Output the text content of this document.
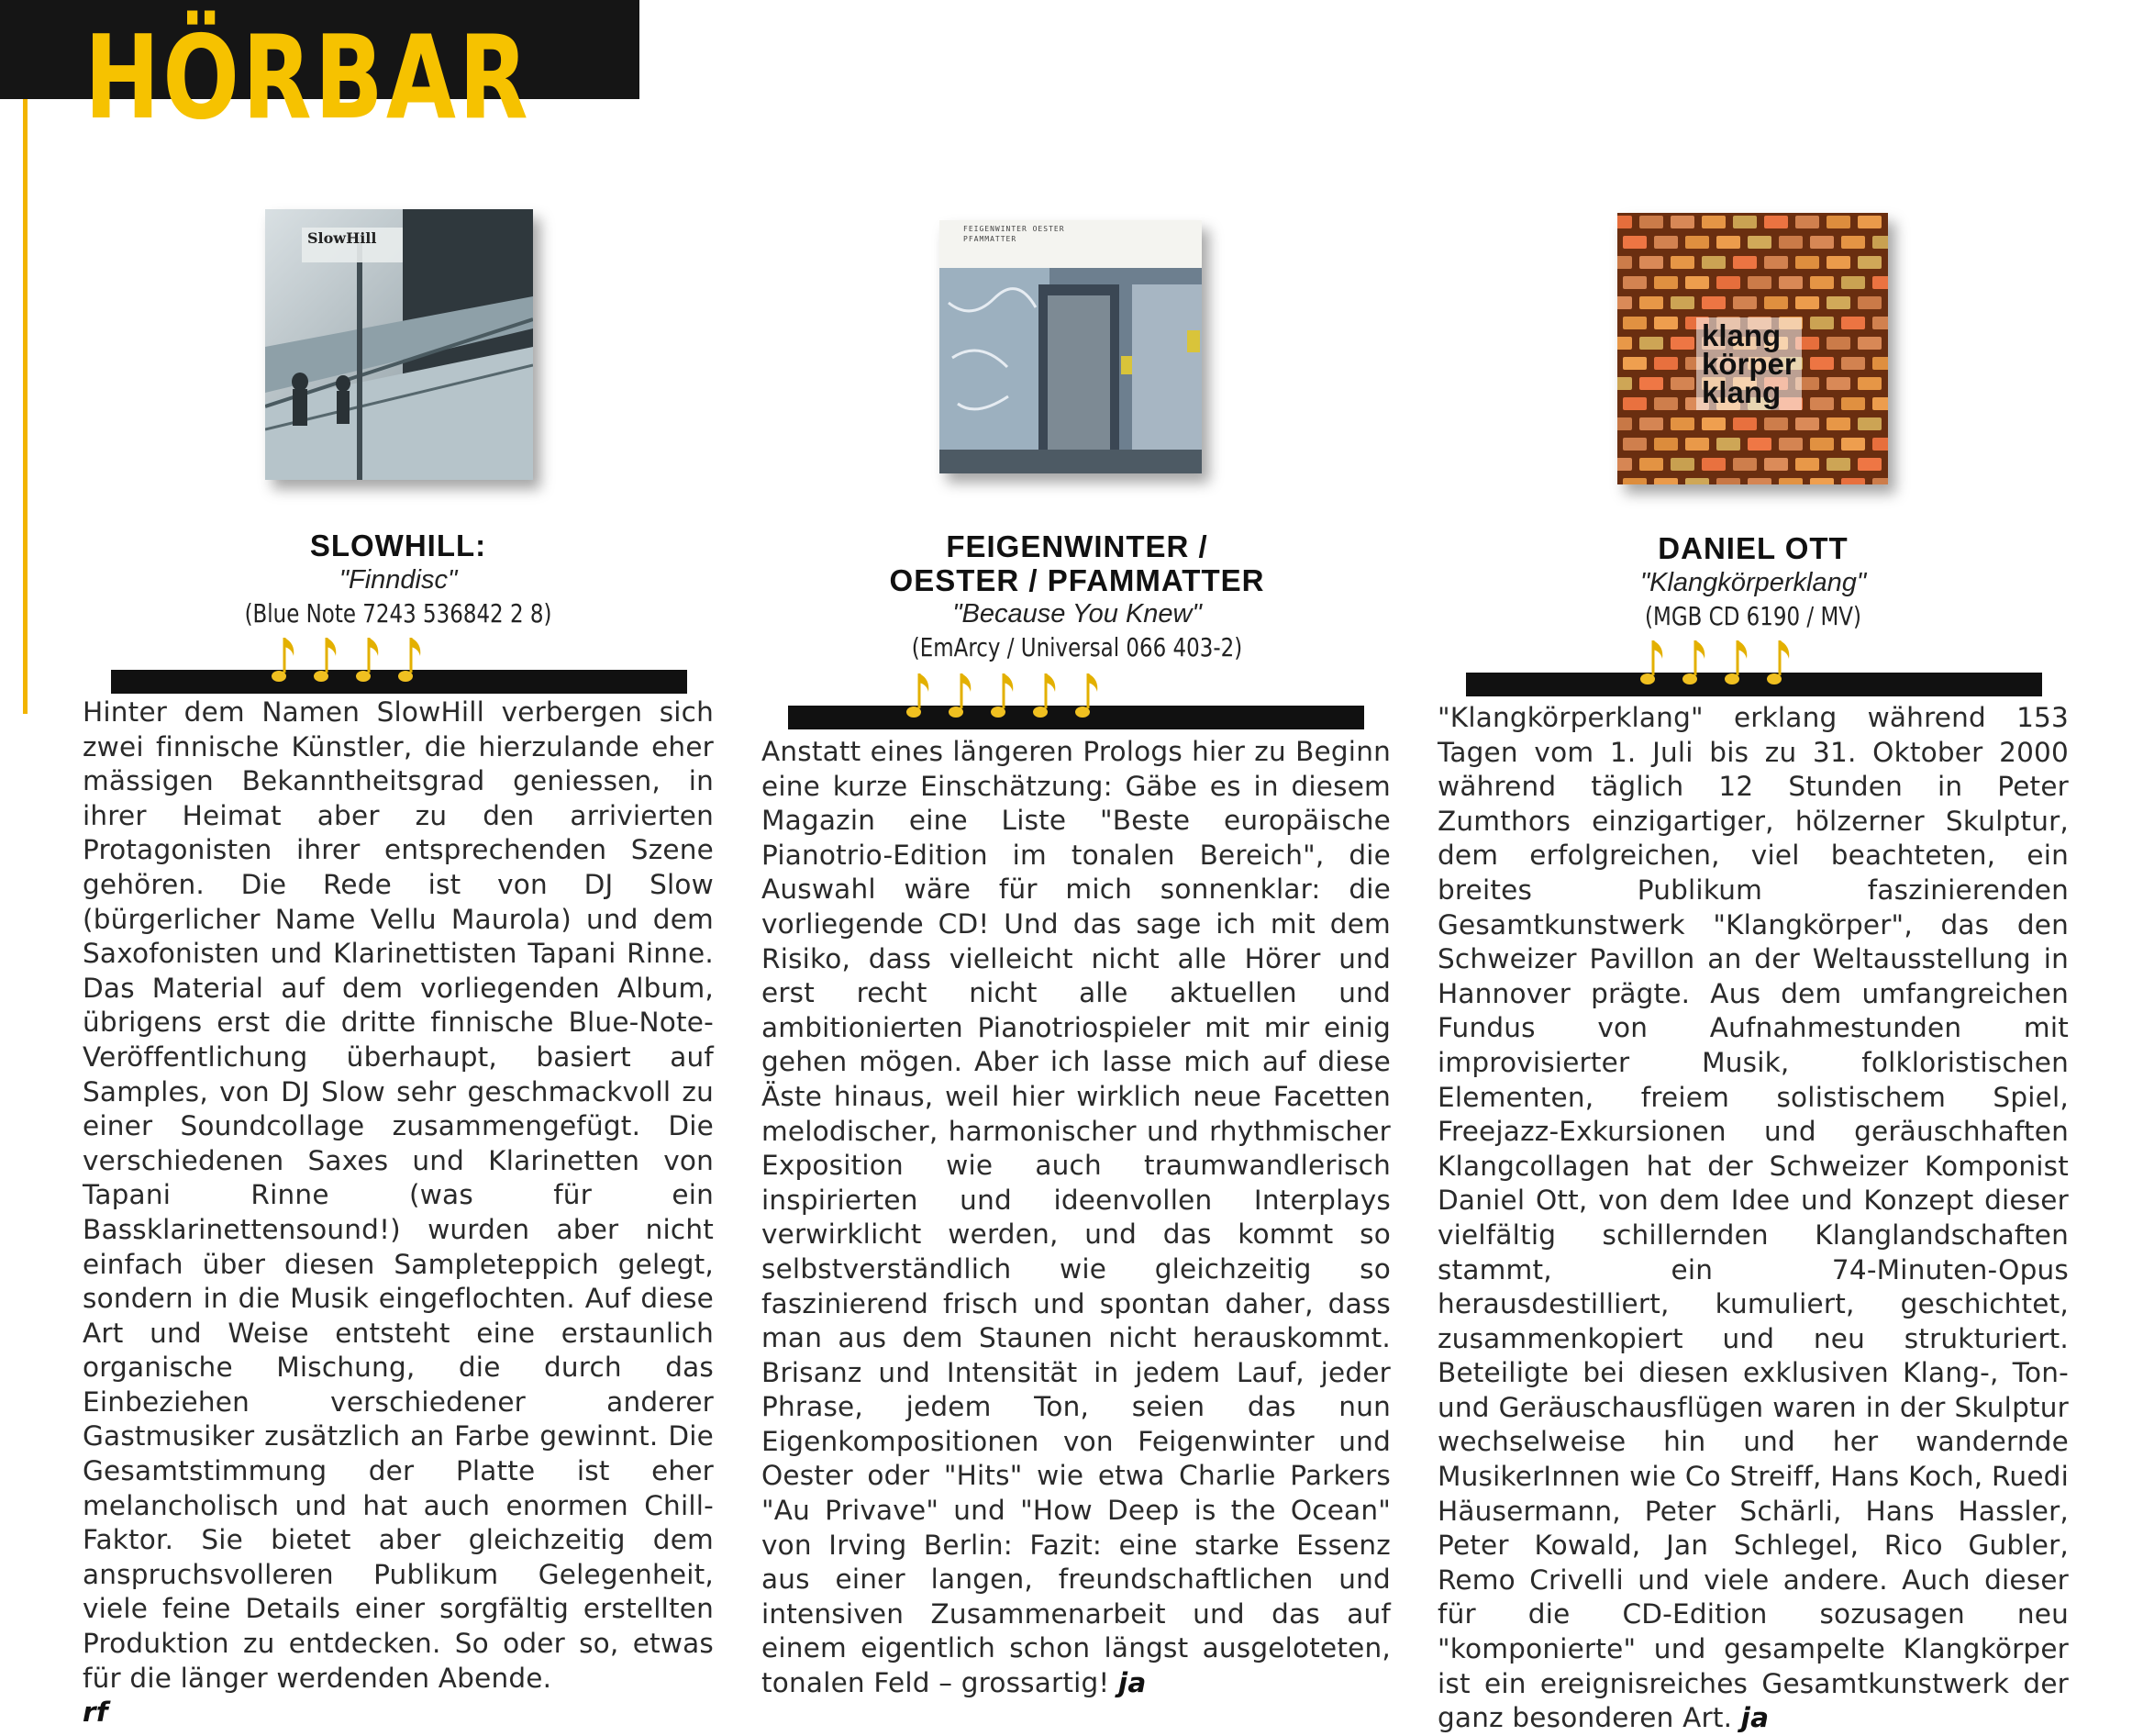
HÖRBAR
SlowHill
SLOWHILL:
"Finndisc"
(Blue Note 7243 536842 2 8)

Hinter dem Namen SlowHill verbergen sich zwei finnische Künstler, die hierzulande eher mässigen Bekanntheitsgrad geniessen, in ihrer Heimat aber zu den arrivierten Protagonisten ihrer entsprechenden Szene gehören. Die Rede ist von DJ Slow (bürgerlicher Name Vellu Maurola) und dem Saxofonisten und Klarinettisten Tapani Rinne. Das Material auf dem vorliegenden Album, übrigens erst die dritte finnische Blue-Note-Veröffentlichung überhaupt, basiert auf Samples, von DJ Slow sehr geschmackvoll zu einer Soundcollage zusammengefügt. Die verschiedenen Saxes und Klarinetten von Tapani Rinne (was für ein Bassklarinettensound!) wurden aber nicht einfach über diesen Sampleteppich gelegt, sondern in die Musik eingeflochten. Auf diese Art und Weise entsteht eine erstaunlich organische Mischung, die durch das Einbeziehen verschiedener anderer Gastmusiker zusätzlich an Farbe gewinnt. Die Gesamtstimmung der Platte ist eher melancholisch und hat auch enormen Chill-Faktor. Sie bietet aber gleichzeitig dem anspruchsvolleren Publikum Gelegenheit, viele feine Details einer sorgfältig erstellten Produktion zu entdecken. So oder so, etwas für die länger werdenden Abende.
rf

FEIGENWINTER OESTER PFAMMATTER
FEIGENWINTER /
OESTER / PFAMMATTER
"Because You Knew"
(EmArcy / Universal 066 403-2)

Anstatt eines längeren Prologs hier zu Beginn eine kurze Einschätzung: Gäbe es in diesem Magazin eine Liste "Beste europäische Pianotrio-Edition im tonalen Bereich", die Auswahl wäre für mich sonnenklar: die vorliegende CD! Und das sage ich mit dem Risiko, dass vielleicht nicht alle Hörer und erst recht nicht alle aktuellen und ambitionierten Pianotriospieler mit mir einig gehen mögen. Aber ich lasse mich auf diese Äste hinaus, weil hier wirklich neue Facetten melodischer, harmonischer und rhythmischer Exposition wie auch traumwandlerisch inspirierten und ideenvollen Interplays verwirklicht werden, und das kommt so selbstverständlich wie gleichzeitig so faszinierend frisch und spontan daher, dass man aus dem Staunen nicht herauskommt. Brisanz und Intensität in jedem Lauf, jeder Phrase, jedem Ton, seien das nun Eigenkompositionen von Feigenwinter und Oester oder "Hits" wie etwa Charlie Parkers "Au Privave" und "How Deep is the Ocean" von Irving Berlin: Fazit: eine starke Essenz aus einer langen, freundschaftlichen und intensiven Zusammenarbeit und das auf einem eigentlich schon längst ausgeloteten, tonalen Feld – grossartig! ja

klang
körper
klang
DANIEL OTT
"Klangkörperklang"
(MGB CD 6190 / MV)

"Klangkörperklang" erklang während 153 Tagen vom 1. Juli bis zu 31. Oktober 2000 während täglich 12 Stunden in Peter Zumthors einzigartiger, hölzerner Skulptur, dem erfolgreichen, viel beachteten, ein breites Publikum faszinierenden Gesamtkunstwerk "Klangkörper", das den Schweizer Pavillon an der Weltausstellung in Hannover prägte. Aus dem umfangreichen Fundus von Aufnahmestunden mit improvisierter Musik, folkloristischen Elementen, freiem solistischem Spiel, Freejazz-Exkursionen und geräuschhaften Klangcollagen hat der Schweizer Komponist Daniel Ott, von dem Idee und Konzept dieser vielfältig schillernden Klanglandschaften stammt, ein 74-Minuten-Opus herausdestilliert, kumuliert, geschichtet, zusammenkopiert und neu strukturiert. Beteiligte bei diesen exklusiven Klang-, Ton- und Geräuschausflügen waren in der Skulptur wechselweise hin und her wandernde MusikerInnen wie Co Streiff, Hans Koch, Ruedi Häusermann, Peter Schärli, Hans Hassler, Peter Kowald, Jan Schlegel, Rico Gubler, Remo Crivelli und viele andere. Auch dieser für die CD-Edition sozusagen neu "komponierte" und gesampelte Klangkörper ist ein ereignisreiches Gesamtkunstwerk der ganz besonderen Art. ja
